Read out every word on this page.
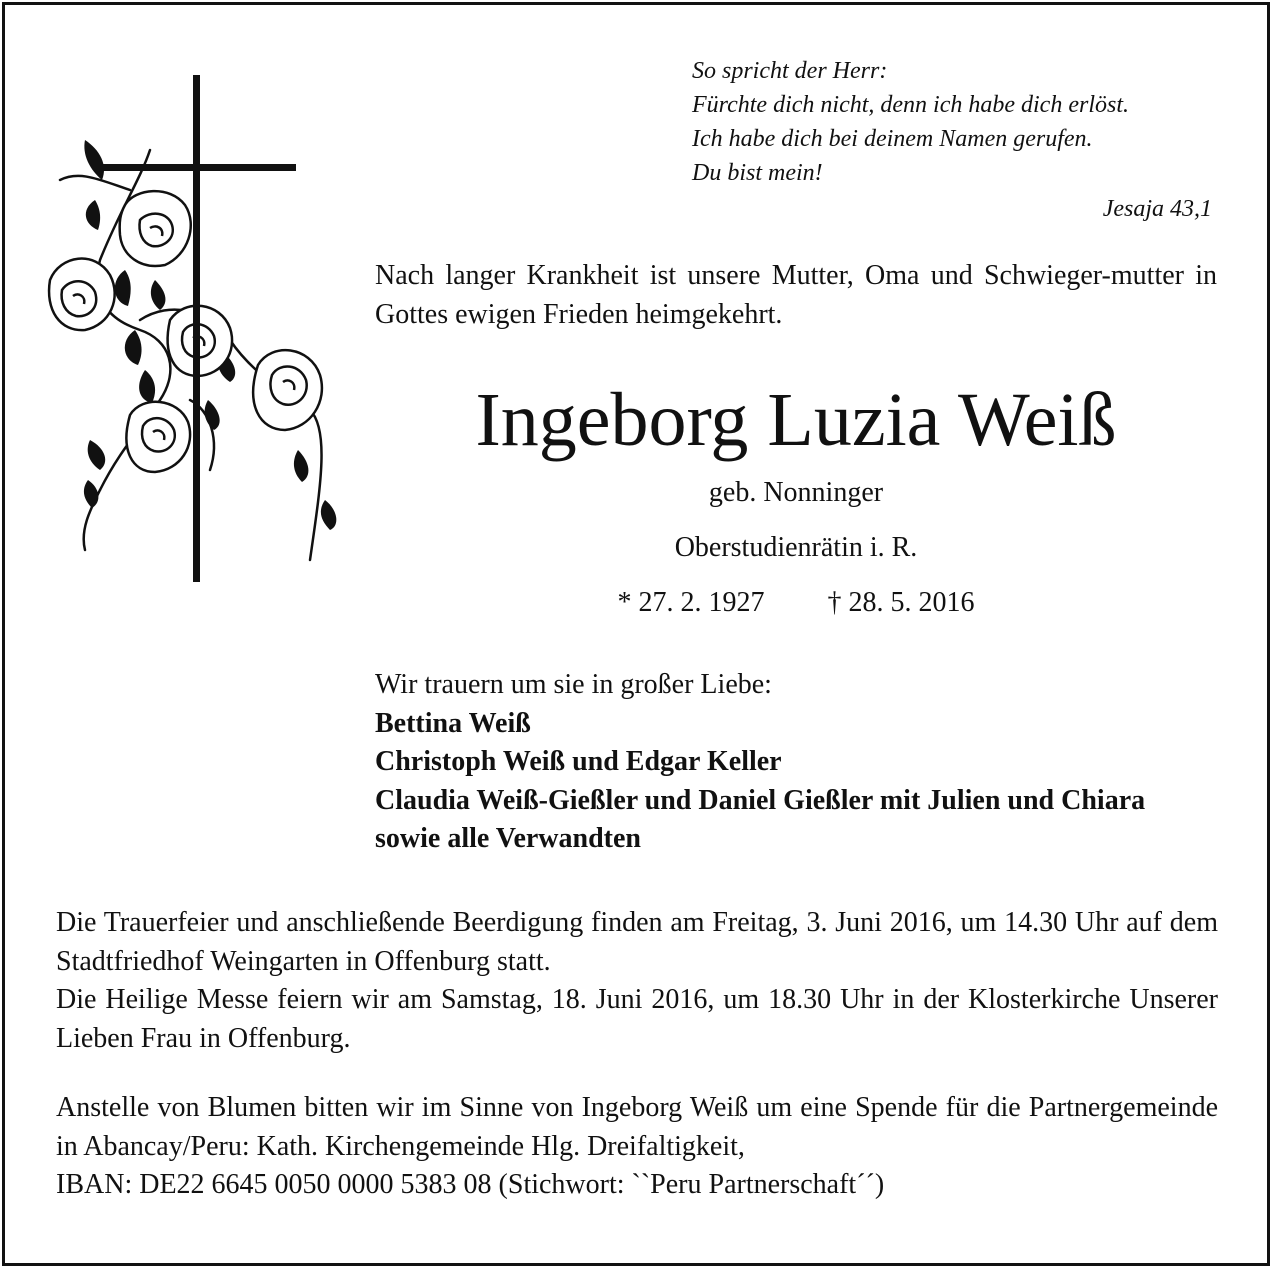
So spricht der Herr:
Fürchte dich nicht, denn ich habe dich erlöst.
Ich habe dich bei deinem Namen gerufen.
Du bist mein!
Jesaja 43,1

Nach langer Krankheit ist unsere Mutter, Oma und Schwieger-mutter in Gottes ewigen Frieden heimgekehrt.

Ingeborg Luzia Weiß
geb. Nonninger
Oberstudienrätin i. R.
* 27. 2. 1927 † 28. 5. 2016
Wir trauern um sie in großer Liebe:
Bettina Weiß
Christoph Weiß und Edgar Keller
Claudia Weiß-Gießler und Daniel Gießler mit Julien und Chiara
sowie alle Verwandten
Die Trauerfeier und anschließende Beerdigung finden am Freitag, 3. Juni 2016, um 14.30 Uhr auf dem Stadtfriedhof Weingarten in Offenburg statt.
Die Heilige Messe feiern wir am Samstag, 18. Juni 2016, um 18.30 Uhr in der Klosterkirche Unserer Lieben Frau in Offenburg.
Anstelle von Blumen bitten wir im Sinne von Ingeborg Weiß um eine Spende für die Partnergemeinde in Abancay/Peru: Kath. Kirchengemeinde Hlg. Dreifaltigkeit,
IBAN: DE22 6645 0050 0000 5383 08 (Stichwort: ``Peru Partnerschaft´´)
